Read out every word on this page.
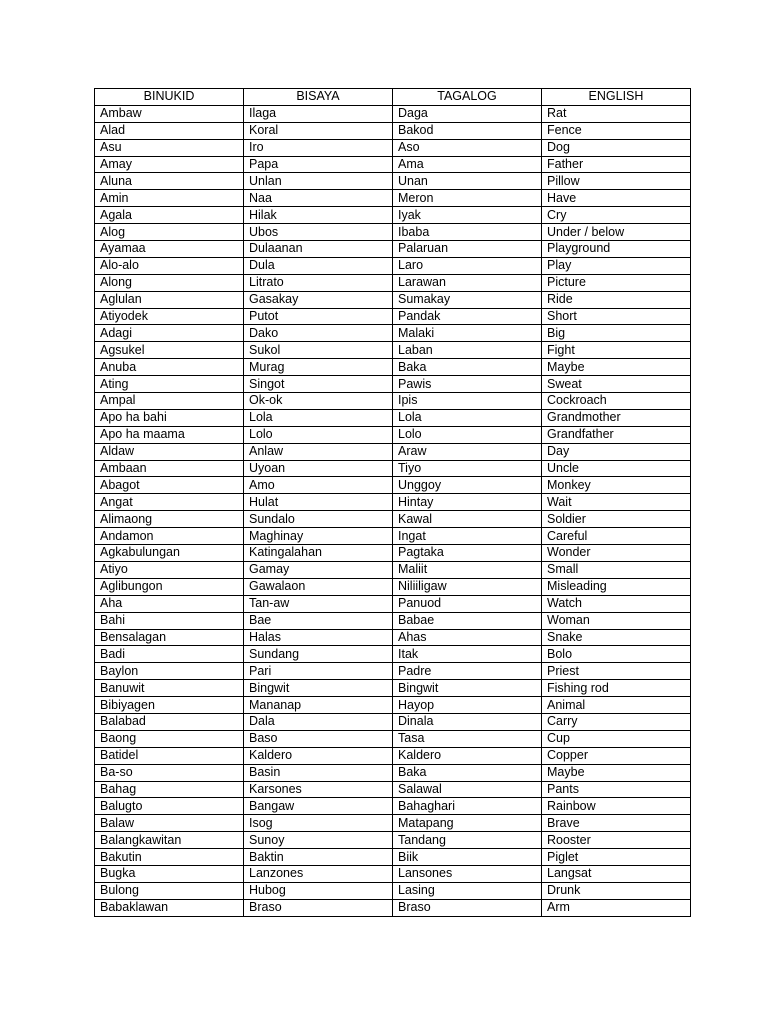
BINUKID	BISAYA	TAGALOG	ENGLISH
Ambaw	Ilaga	Daga	Rat
Alad	Koral	Bakod	Fence
Asu	Iro	Aso	Dog
Amay	Papa	Ama	Father
Aluna	Unlan	Unan	Pillow
Amin	Naa	Meron	Have
Agala	Hilak	Iyak	Cry
Alog	Ubos	Ibaba	Under / below
Ayamaa	Dulaanan	Palaruan	Playground
Alo-alo	Dula	Laro	Play
Along	Litrato	Larawan	Picture
Aglulan	Gasakay	Sumakay	Ride
Atiyodek	Putot	Pandak	Short
Adagi	Dako	Malaki	Big
Agsukel	Sukol	Laban	Fight
Anuba	Murag	Baka	Maybe
Ating	Singot	Pawis	Sweat
Ampal	Ok-ok	Ipis	Cockroach
Apo ha bahi	Lola	Lola	Grandmother
Apo ha maama	Lolo	Lolo	Grandfather
Aldaw	Anlaw	Araw	Day
Ambaan	Uyoan	Tiyo	Uncle
Abagot	Amo	Unggoy	Monkey
Angat	Hulat	Hintay	Wait
Alimaong	Sundalo	Kawal	Soldier
Andamon	Maghinay	Ingat	Careful
Agkabulungan	Katingalahan	Pagtaka	Wonder
Atiyo	Gamay	Maliit	Small
Aglibungon	Gawalaon	Niliiligaw	Misleading
Aha	Tan-aw	Panuod	Watch
Bahi	Bae	Babae	Woman
Bensalagan	Halas	Ahas	Snake
Badi	Sundang	Itak	Bolo
Baylon	Pari	Padre	Priest
Banuwit	Bingwit	Bingwit	Fishing rod
Bibiyagen	Mananap	Hayop	Animal
Balabad	Dala	Dinala	Carry
Baong	Baso	Tasa	Cup
Batidel	Kaldero	Kaldero	Copper
Ba-so	Basin	Baka	Maybe
Bahag	Karsones	Salawal	Pants
Balugto	Bangaw	Bahaghari	Rainbow
Balaw	Isog	Matapang	Brave
Balangkawitan	Sunoy	Tandang	Rooster
Bakutin	Baktin	Biik	Piglet
Bugka	Lanzones	Lansones	Langsat
Bulong	Hubog	Lasing	Drunk
Babaklawan	Braso	Braso	Arm
